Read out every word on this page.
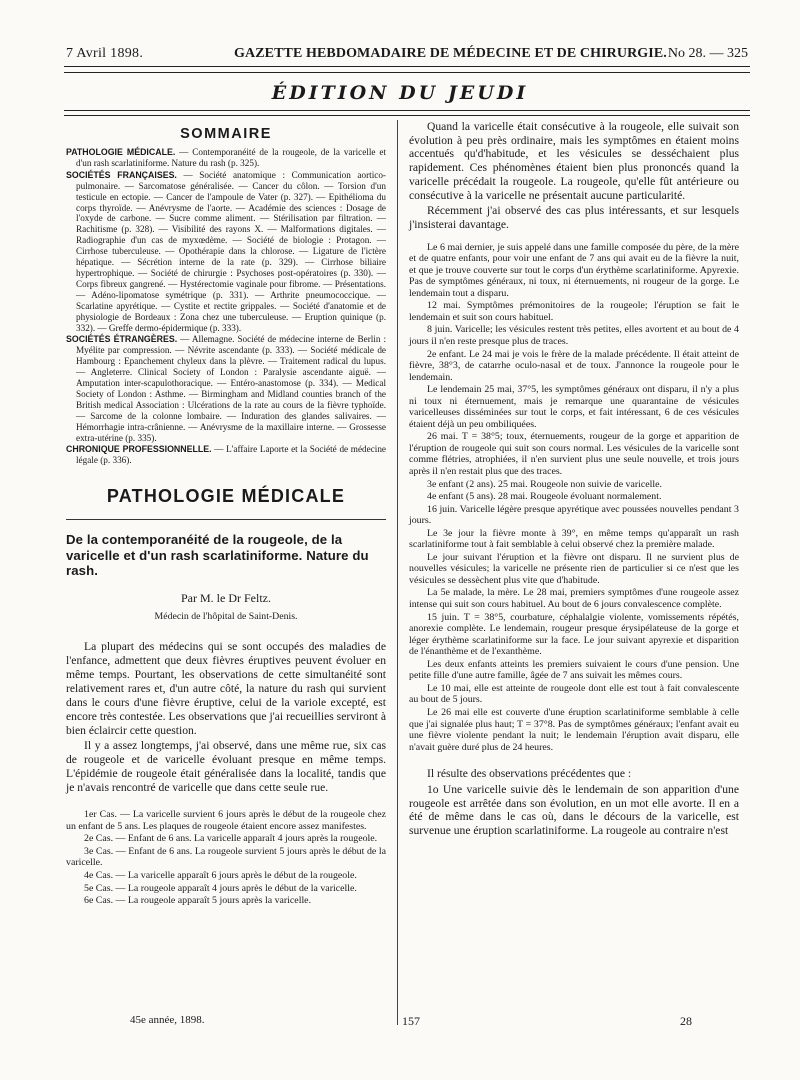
7 Avril 1898.	GAZETTE HEBDOMADAIRE DE MÉDECINE ET DE CHIRURGIE. No 28. — 325
ÉDITION DU JEUDI
SOMMAIRE

PATHOLOGIE MÉDICALE. — Contemporanéité de la rougeole, de la varicelle et d'un rash scarlatiniforme. Nature du rash (p. 325).

SOCIÉTÉS FRANÇAISES. — Société anatomique : Communication aortico-pulmonaire. — Sarcomatose généralisée. — Cancer du côlon. — Torsion d'un testicule en ectopie. — Cancer de l'ampoule de Vater (p. 327). — Epithélioma du corps thyroïde. — Anévrysme de l'aorte. — Académie des sciences : Dosage de l'oxyde de carbone. — Sucre comme aliment. — Stérilisation par filtration. — Rachitisme (p. 328). — Visibilité des rayons X. — Malformations digitales. — Radiographie d'un cas de myxœdème. — Société de biologie : Protagon. — Cirrhose tuberculeuse. — Opothérapie dans la chlorose. — Ligature de l'ictère hépatique. — Sécrétion interne de la rate (p. 329). — Cirrhose biliaire hypertrophique. — Société de chirurgie : Psychoses post-opératoires (p. 330). — Corps fibreux gangrené. — Hystérectomie vaginale pour fibrome. — Présentations. — Adéno-lipomatose symétrique (p. 331). — Arthrite pneumococcique. — Scarlatine apyrétique. — Cystite et rectite grippales. — Société d'anatomie et de physiologie de Bordeaux : Zona chez une tuberculeuse. — Eruption quinique (p. 332). — Greffe dermo-épidermique (p. 333).

SOCIÉTÉS ÉTRANGÈRES. — Allemagne. Société de médecine interne de Berlin : Myélite par compression. — Névrite ascendante (p. 333). — Société médicale de Hambourg : Epanchement chyleux dans la plèvre. — Traitement radical du lupus. — Angleterre. Clinical Society of London : Paralysie ascendante aiguë. — Amputation inter-scapulothoracique. — Entéro-anastomose (p. 334). — Medical Society of London : Asthme. — Birmingham and Midland counties branch of the British medical Association : Ulcérations de la rate au cours de la fièvre typhoïde. — Sarcome de la colonne lombaire. — Induration des glandes salivaires. — Hémorrhagie intra-crânienne. — Anévrysme de la maxillaire interne. — Grossesse extra-utérine (p. 335).

CHRONIQUE PROFESSIONNELLE. — L'affaire Laporte et la Société de médecine légale (p. 336).

PATHOLOGIE MÉDICALE
De la contemporanéité de la rougeole, de la varicelle et d'un rash scarlatiniforme. Nature du rash.
Par M. le Dr Feltz.
Médecin de l'hôpital de Saint-Denis.

La plupart des médecins qui se sont occupés des maladies de l'enfance, admettent que deux fièvres éruptives peuvent évoluer en même temps. Pourtant, les observations de cette simultanéité sont relativement rares et, d'un autre côté, la nature du rash qui survient dans le cours d'une fièvre éruptive, celui de la variole excepté, est encore très contestée. Les observations que j'ai recueillies serviront à bien éclaircir cette question.

Il y a assez longtemps, j'ai observé, dans une même rue, six cas de rougeole et de varicelle évoluant presque en même temps. L'épidémie de rougeole était généralisée dans la localité, tandis que je n'avais rencontré de varicelle que dans cette seule rue.

1er Cas. — La varicelle survient 6 jours après le début de la rougeole chez un enfant de 5 ans. Les plaques de rougeole étaient encore assez manifestes.

2e Cas. — Enfant de 6 ans. La varicelle apparaît 4 jours après la rougeole.

3e Cas. — Enfant de 6 ans. La rougeole survient 5 jours après le début de la varicelle.

4e Cas. — La varicelle apparaît 6 jours après le début de la rougeole.

5e Cas. — La rougeole apparaît 4 jours après le début de la varicelle.

6e Cas. — La rougeole apparaît 5 jours après la varicelle.

Quand la varicelle était consécutive à la rougeole, elle suivait son évolution à peu près ordinaire, mais les symptômes en étaient moins accentués qu'd'habitude, et les vésicules se desséchaient plus rapidement. Ces phénomènes étaient bien plus prononcés quand la varicelle précédait la rougeole. La rougeole, qu'elle fût antérieure ou consécutive à la varicelle ne présentait aucune particularité.

Récemment j'ai observé des cas plus intéressants, et sur lesquels j'insisterai davantage.

Le 6 mai dernier, je suis appelé dans une famille composée du père, de la mère et de quatre enfants, pour voir une enfant de 7 ans qui avait eu de la fièvre la nuit, et que je trouve couverte sur tout le corps d'un érythème scarlatiniforme. Apyrexie. Pas de symptômes généraux, ni toux, ni éternuements, ni rougeur de la gorge. Le lendemain tout a disparu.

12 mai. Symptômes prémonitoires de la rougeole; l'éruption se fait le lendemain et suit son cours habituel.

8 juin. Varicelle; les vésicules restent très petites, elles avortent et au bout de 4 jours il n'en reste presque plus de traces.

2e enfant. Le 24 mai je vois le frère de la malade précédente. Il était atteint de fièvre, 38°3, de catarrhe oculo-nasal et de toux. J'annonce la rougeole pour le lendemain.

Le lendemain 25 mai, 37°5, les symptômes généraux ont disparu, il n'y a plus ni toux ni éternuement, mais je remarque une quarantaine de vésicules varicelleuses disséminées sur tout le corps, et fait intéressant, 6 de ces vésicules étaient déjà un peu ombiliquées.

26 mai. T = 38°5; toux, éternuements, rougeur de la gorge et apparition de l'éruption de rougeole qui suit son cours normal. Les vésicules de la varicelle sont comme flétries, atrophiées, il n'en survient plus une seule nouvelle, et trois jours après il n'en restait plus que des traces.

3e enfant (2 ans). 25 mai. Rougeole non suivie de varicelle.

4e enfant (5 ans). 28 mai. Rougeole évoluant normalement.

16 juin. Varicelle légère presque apyrétique avec poussées nouvelles pendant 3 jours.

Le 3e jour la fièvre monte à 39°, en même temps qu'apparaît un rash scarlatiniforme tout à fait semblable à celui observé chez la première malade.

Le jour suivant l'éruption et la fièvre ont disparu. Il ne survient plus de nouvelles vésicules; la varicelle ne présente rien de particulier si ce n'est que les vésicules se dessèchent plus vite que d'habitude.

La 5e malade, la mère. Le 28 mai, premiers symptômes d'une rougeole assez intense qui suit son cours habituel. Au bout de 6 jours convalescence complète.

15 juin. T = 38°5, courbature, céphalalgie violente, vomissements répétés, anorexie complète. Le lendemain, rougeur presque érysipélateuse de la gorge et léger érythème scarlatiniforme sur la face. Le jour suivant apyrexie et disparition de l'énanthème et de l'exanthème.

Les deux enfants atteints les premiers suivaient le cours d'une pension. Une petite fille d'une autre famille, âgée de 7 ans suivait les mêmes cours.

Le 10 mai, elle est atteinte de rougeole dont elle est tout à fait convalescente au bout de 5 jours.

Le 26 mai elle est couverte d'une éruption scarlatiniforme semblable à celle que j'ai signalée plus haut; T = 37°8. Pas de symptômes généraux; l'enfant avait eu une fièvre violente pendant la nuit; le lendemain l'éruption avait disparu, elle n'avait guère duré plus de 24 heures.

Il résulte des observations précédentes que :

1o Une varicelle suivie dès le lendemain de son apparition d'une rougeole est arrêtée dans son évolution, en un mot elle avorte. Il en a été de même dans le cas où, dans le décours de la varicelle, est survenue une éruption scarlatiniforme. La rougeole au contraire n'est

45e année, 1898.	157	28
